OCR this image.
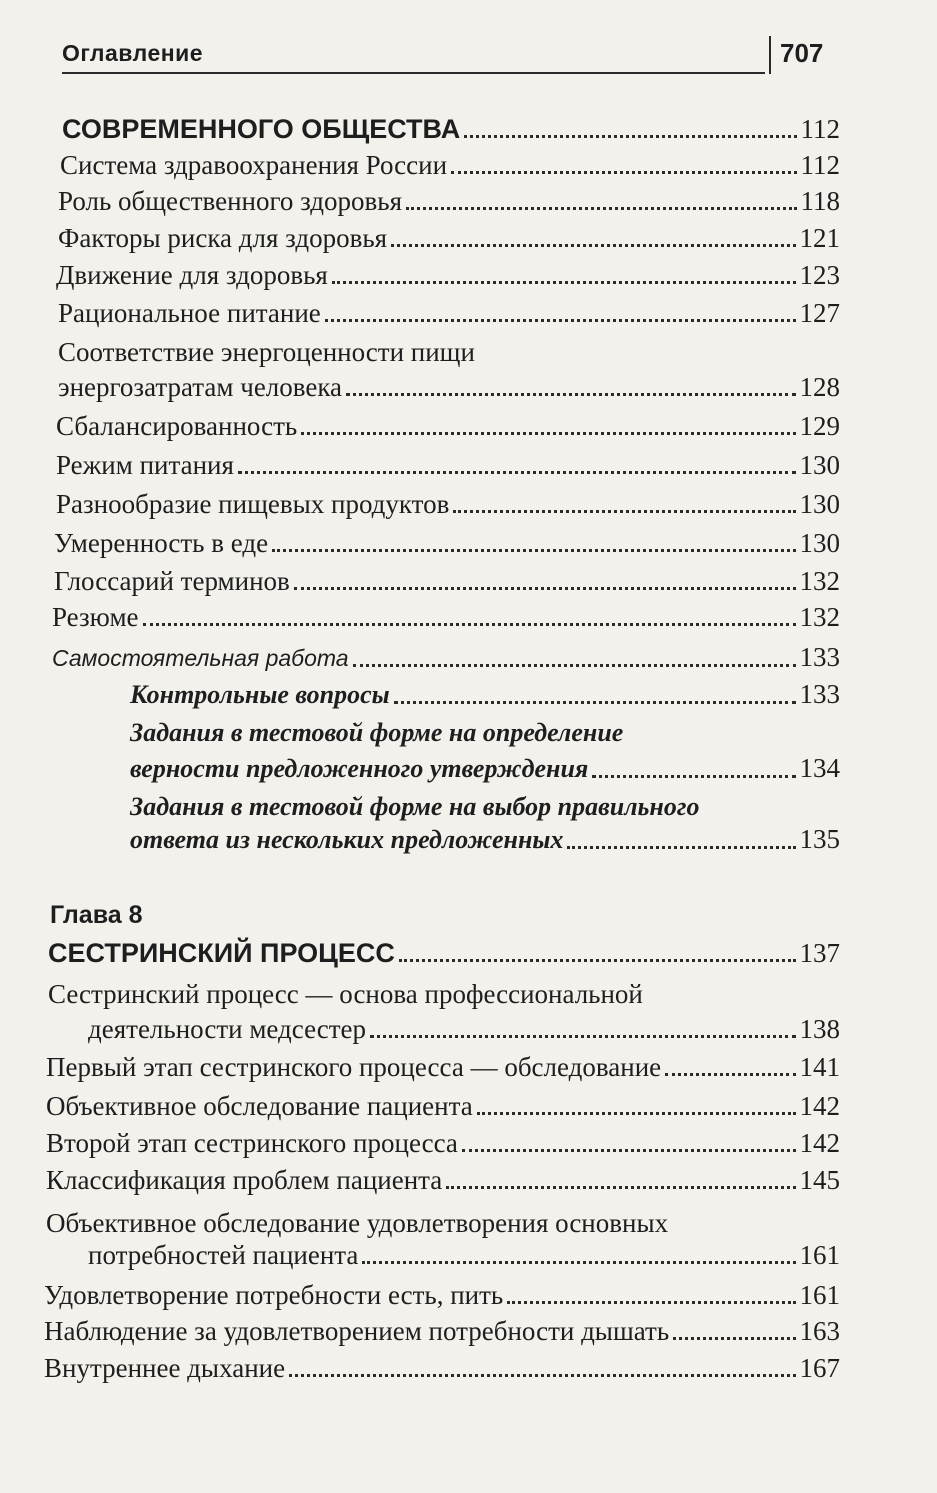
Оглавление	707
СОВРЕМЕННОГО ОБЩЕСТВА	112
Система здравоохранения России	112
Роль общественного здоровья	118
Факторы риска для здоровья	121
Движение для здоровья	123
Рациональное питание	127
Соответствие энергоценности пищи
энергозатратам человека	128
Сбалансированность	129
Режим питания	130
Разнообразие пищевых продуктов	130
Умеренность в еде	130
Глоссарий терминов	132
Резюме	132
Самостоятельная работа	133
Контрольные вопросы	133
Задания в тестовой форме на определение
верности предложенного утверждения	134
Задания в тестовой форме на выбор правильного
ответа из нескольких предложенных	135
Глава 8
СЕСТРИНСКИЙ ПРОЦЕСС	137
Сестринский процесс — основа профессиональной
деятельности медсестер	138
Первый этап сестринского процесса — обследование	141
Объективное обследование пациента	142
Второй этап сестринского процесса	142
Классификация проблем пациента	145
Объективное обследование удовлетворения основных
потребностей пациента	161
Удовлетворение потребности есть, пить	161
Наблюдение за удовлетворением потребности дышать	163
Внутреннее дыхание	167
